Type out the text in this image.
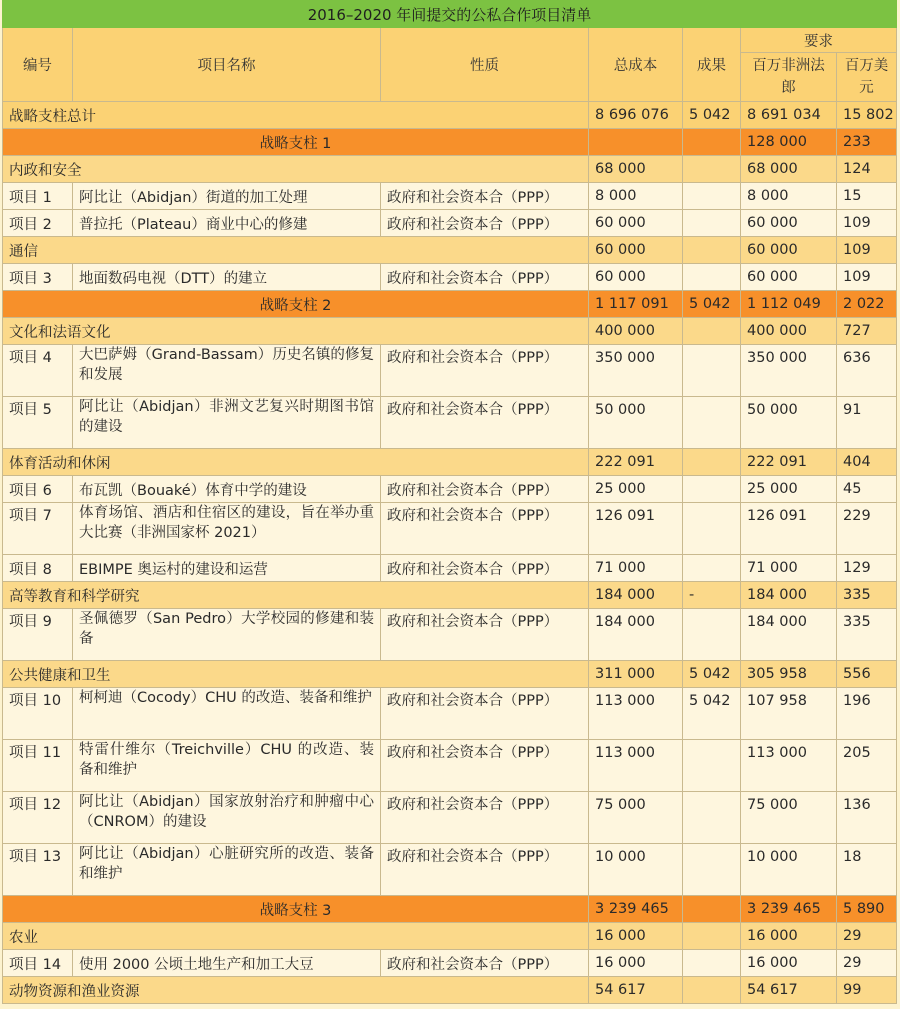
2016–2020 年间提交的公私合作项目清单						
编号	项目名称	性质	总成本	成果	要求	
					百万非洲法郎	百万美元
战略支柱总计			8 696 076	5 042	8 691 034	15 802
战略支柱 1					128 000	233
内政和安全			68 000		68 000	124
项目 1	阿比让（Abidjan）街道的加工处理	政府和社会资本合（PPP）	8 000		8 000	15
项目 2	普拉托（Plateau）商业中心的修建	政府和社会资本合（PPP）	60 000		60 000	109
通信			60 000		60 000	109
项目 3	地面数码电视（DTT）的建立	政府和社会资本合（PPP）	60 000		60 000	109
战略支柱 2			1 117 091	5 042	1 112 049	2 022
文化和法语文化			400 000		400 000	727
项目 4	大巴萨姆（Grand-Bassam）历史名镇的修复和发展	政府和社会资本合（PPP）	350 000		350 000	636
项目 5	阿比让（Abidjan）非洲文艺复兴时期图书馆的建设	政府和社会资本合（PPP）	50 000		50 000	91
体育活动和休闲			222 091		222 091	404
项目 6	布瓦凯（Bouaké）体育中学的建设	政府和社会资本合（PPP）	25 000		25 000	45
项目 7	体育场馆、酒店和住宿区的建设，旨在举办重大比赛（非洲国家杯 2021）	政府和社会资本合（PPP）	126 091		126 091	229
项目 8	EBIMPE 奥运村的建设和运营	政府和社会资本合（PPP）	71 000		71 000	129
高等教育和科学研究			184 000	-	184 000	335
项目 9	圣佩德罗（San Pedro）大学校园的修建和装备	政府和社会资本合（PPP）	184 000		184 000	335
公共健康和卫生			311 000	5 042	305 958	556
项目 10	柯柯迪（Cocody）CHU 的改造、装备和维护	政府和社会资本合（PPP）	113 000	5 042	107 958	196
项目 11	特雷什维尔（Treichville）CHU 的改造、装备和维护	政府和社会资本合（PPP）	113 000		113 000	205
项目 12	阿比让（Abidjan）国家放射治疗和肿瘤中心（CNROM）的建设	政府和社会资本合（PPP）	75 000		75 000	136
项目 13	阿比让（Abidjan）心脏研究所的改造、装备和维护	政府和社会资本合（PPP）	10 000		10 000	18
战略支柱 3			3 239 465		3 239 465	5 890
农业			16 000		16 000	29
项目 14	使用 2000 公顷土地生产和加工大豆	政府和社会资本合（PPP）	16 000		16 000	29
动物资源和渔业资源			54 617		54 617	99
